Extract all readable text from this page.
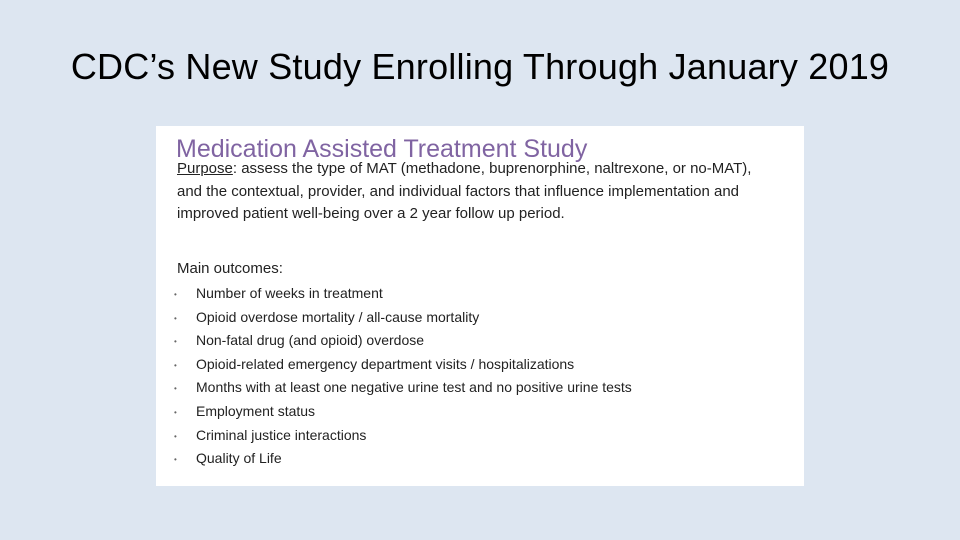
CDC’s New Study Enrolling Through January 2019
Medication Assisted Treatment Study
Purpose: assess the type of MAT (methadone, buprenorphine, naltrexone, or no-MAT), and the contextual, provider, and individual factors that influence implementation and improved patient well-being over a 2 year follow up period.
Main outcomes:
• Number of weeks in treatment
• Opioid overdose mortality / all-cause mortality
• Non-fatal drug (and opioid) overdose
• Opioid-related emergency department visits / hospitalizations
• Months with at least one negative urine test and no positive urine tests
• Employment status
• Criminal justice interactions
• Quality of Life
